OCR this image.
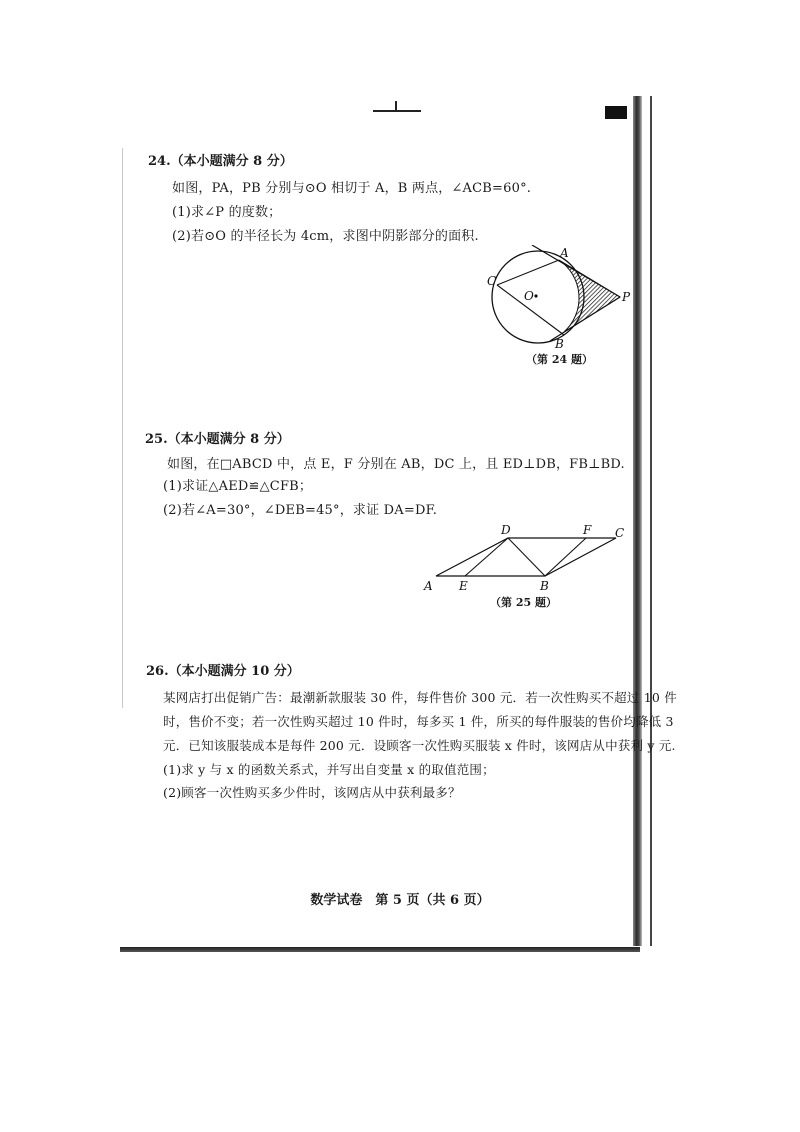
24.（本小题满分 8 分）
如图，PA，PB 分别与⊙O 相切于 A，B 两点，∠ACB=60°.
(1)求∠P 的度数；
(2)若⊙O 的半径长为 4cm，求图中阴影部分的面积.
A
C
O	P
B
（第 24 题）
25.（本小题满分 8 分）
如图，在□ABCD 中，点 E，F 分别在 AB，DC 上，且 ED⊥DB，FB⊥BD.
(1)求证△AED≌△CFB；
(2)若∠A=30°，∠DEB=45°，求证 DA=DF.
D	F C
A E	B
（第 25 题）
26.（本小题满分 10 分）
某网店打出促销广告：最潮新款服装 30 件，每件售价 300 元．若一次性购买不超过 10 件
时，售价不变；若一次性购买超过 10 件时，每多买 1 件，所买的每件服装的售价均降低 3
元．已知该服装成本是每件 200 元．设顾客一次性购买服装 x 件时，该网店从中获利 y 元.
(1)求 y 与 x 的函数关系式，并写出自变量 x 的取值范围；
(2)顾客一次性购买多少件时，该网店从中获利最多？
数学试卷　第 5 页（共 6 页）
